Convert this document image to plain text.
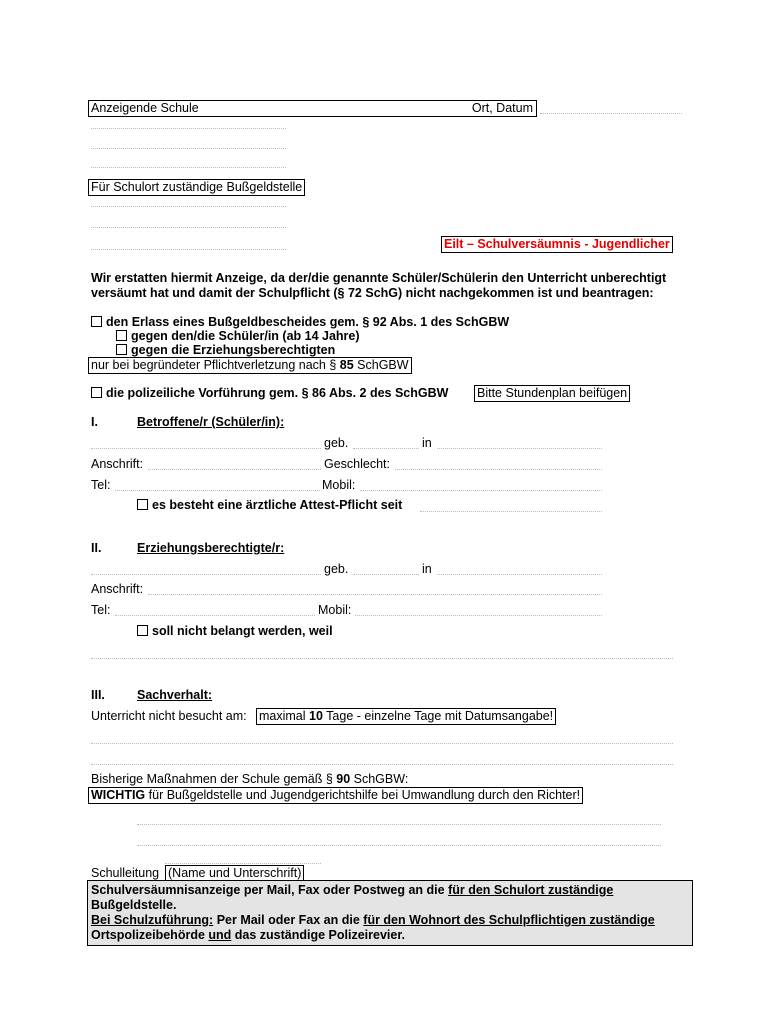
Anzeigende Schule	Ort, Datum
Für Schulort zuständige Bußgeldstelle
Eilt – Schulversäumnis - Jugendlicher
Wir erstatten hiermit Anzeige, da der/die genannte Schüler/Schülerin den Unterricht unberechtigt versäumt hat und damit der Schulpflicht (§ 72 SchG) nicht nachgekommen ist und beantragen:
den Erlass eines Bußgeldbescheides gem. § 92 Abs. 1 des SchGBW
gegen den/die Schüler/in (ab 14 Jahre)
gegen die Erziehungsberechtigten
nur bei begründeter Pflichtverletzung nach § 85 SchGBW
die polizeiliche Vorführung gem. § 86 Abs. 2 des SchGBW Bitte Stundenplan beifügen
I.	Betroffene/r (Schüler/in):
geb.	in
Anschrift:	Geschlecht:
Tel:	Mobil:
es besteht eine ärztliche Attest-Pflicht seit
II.	Erziehungsberechtigte/r:
geb.	in
Anschrift:
Tel:	Mobil:
soll nicht belangt werden, weil
III.	Sachverhalt:
Unterricht nicht besucht am: maximal 10 Tage - einzelne Tage mit Datumsangabe!
Bisherige Maßnahmen der Schule gemäß § 90 SchGBW:
WICHTIG für Bußgeldstelle und Jugendgerichtshilfe bei Umwandlung durch den Richter!
Schulleitung (Name und Unterschrift)
Schulversäumnisanzeige per Mail, Fax oder Postweg an die für den Schulort zuständige
Bußgeldstelle.
Bei Schulzuführung: Per Mail oder Fax an die für den Wohnort des Schulpflichtigen zuständige
Ortspolizeibehörde und das zuständige Polizeirevier.
